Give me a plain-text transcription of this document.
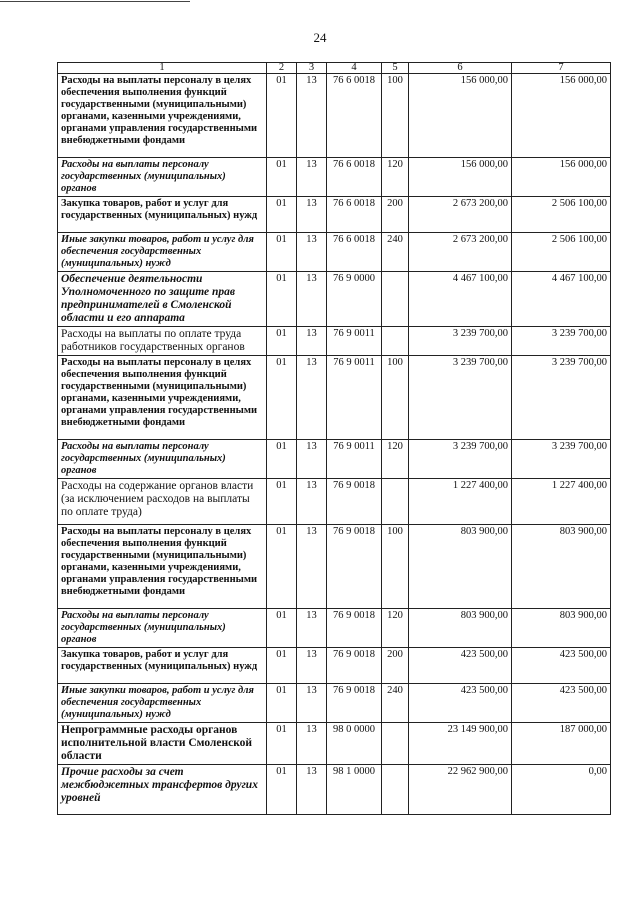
24
1	2	3	4	5	6	7
Расходы на выплаты персоналу в целях обеспечения выполнения функций государственными (муниципальными) органами, казенными учреждениями, органами управления государственными внебюджетными фондами	01	13	76 6 0018	100	156 000,00	156 000,00
Расходы на выплаты персоналу государственных (муниципальных) органов	01	13	76 6 0018	120	156 000,00	156 000,00
Закупка товаров, работ и услуг для государственных (муниципальных) нужд	01	13	76 6 0018	200	2 673 200,00	2 506 100,00
Иные закупки товаров, работ и услуг для обеспечения государственных (муниципальных) нужд	01	13	76 6 0018	240	2 673 200,00	2 506 100,00
Обеспечение деятельности Уполномоченного по защите прав предпринимателей в Смоленской области и его аппарата	01	13	76 9 0000		4 467 100,00	4 467 100,00
Расходы на выплаты по оплате труда работников государственных органов	01	13	76 9 0011		3 239 700,00	3 239 700,00
Расходы на выплаты персоналу в целях обеспечения выполнения функций государственными (муниципальными) органами, казенными учреждениями, органами управления государственными внебюджетными фондами	01	13	76 9 0011	100	3 239 700,00	3 239 700,00
Расходы на выплаты персоналу государственных (муниципальных) органов	01	13	76 9 0011	120	3 239 700,00	3 239 700,00
Расходы на содержание органов власти (за исключением расходов на выплаты по оплате труда)	01	13	76 9 0018		1 227 400,00	1 227 400,00
Расходы на выплаты персоналу в целях обеспечения выполнения функций государственными (муниципальными) органами, казенными учреждениями, органами управления государственными внебюджетными фондами	01	13	76 9 0018	100	803 900,00	803 900,00
Расходы на выплаты персоналу государственных (муниципальных) органов	01	13	76 9 0018	120	803 900,00	803 900,00
Закупка товаров, работ и услуг для государственных (муниципальных) нужд	01	13	76 9 0018	200	423 500,00	423 500,00
Иные закупки товаров, работ и услуг для обеспечения государственных (муниципальных) нужд	01	13	76 9 0018	240	423 500,00	423 500,00
Непрограммные расходы органов исполнительной власти Смоленской области	01	13	98 0 0000		23 149 900,00	187 000,00
Прочие расходы за счет межбюджетных трансфертов других уровней	01	13	98 1 0000		22 962 900,00	0,00
